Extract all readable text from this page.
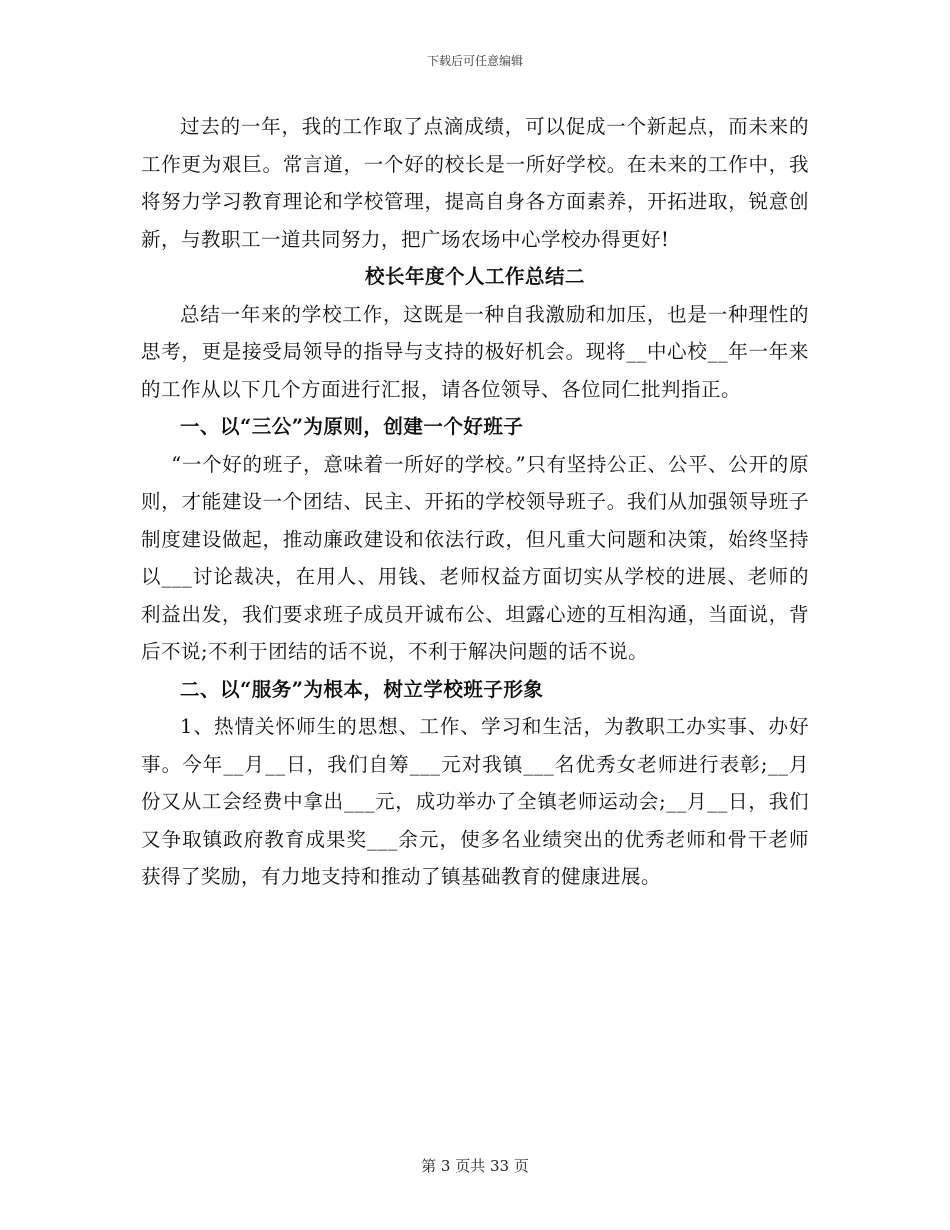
下载后可任意编辑

过去的一年，我的工作取了点滴成绩，可以促成一个新起点，而未来的工作更为艰巨。常言道，一个好的校长是一所好学校。在未来的工作中，我将努力学习教育理论和学校管理，提高自身各方面素养，开拓进取，锐意创新，与教职工一道共同努力，把广场农场中心学校办得更好!

校长年度个人工作总结二

总结一年来的学校工作，这既是一种自我激励和加压，也是一种理性的思考，更是接受局领导的指导与支持的极好机会。现将__中心校__年一年来的工作从以下几个方面进行汇报，请各位领导、各位同仁批判指正。

一、以“三公”为原则，创建一个好班子

“一个好的班子，意味着一所好的学校。”只有坚持公正、公平、公开的原则，才能建设一个团结、民主、开拓的学校领导班子。我们从加强领导班子制度建设做起，推动廉政建设和依法行政，但凡重大问题和决策，始终坚持以___讨论裁决，在用人、用钱、老师权益方面切实从学校的进展、老师的利益出发，我们要求班子成员开诚布公、坦露心迹的互相沟通，当面说，背后不说;不利于团结的话不说，不利于解决问题的话不说。

二、以“服务”为根本，树立学校班子形象

1、热情关怀师生的思想、工作、学习和生活，为教职工办实事、办好事。今年__月__日，我们自筹___元对我镇___名优秀女老师进行表彰;__月份又从工会经费中拿出___元，成功举办了全镇老师运动会;__月__日，我们又争取镇政府教育成果奖___余元，使多名业绩突出的优秀老师和骨干老师获得了奖励，有力地支持和推动了镇基础教育的健康进展。

第 3 页共 33 页
